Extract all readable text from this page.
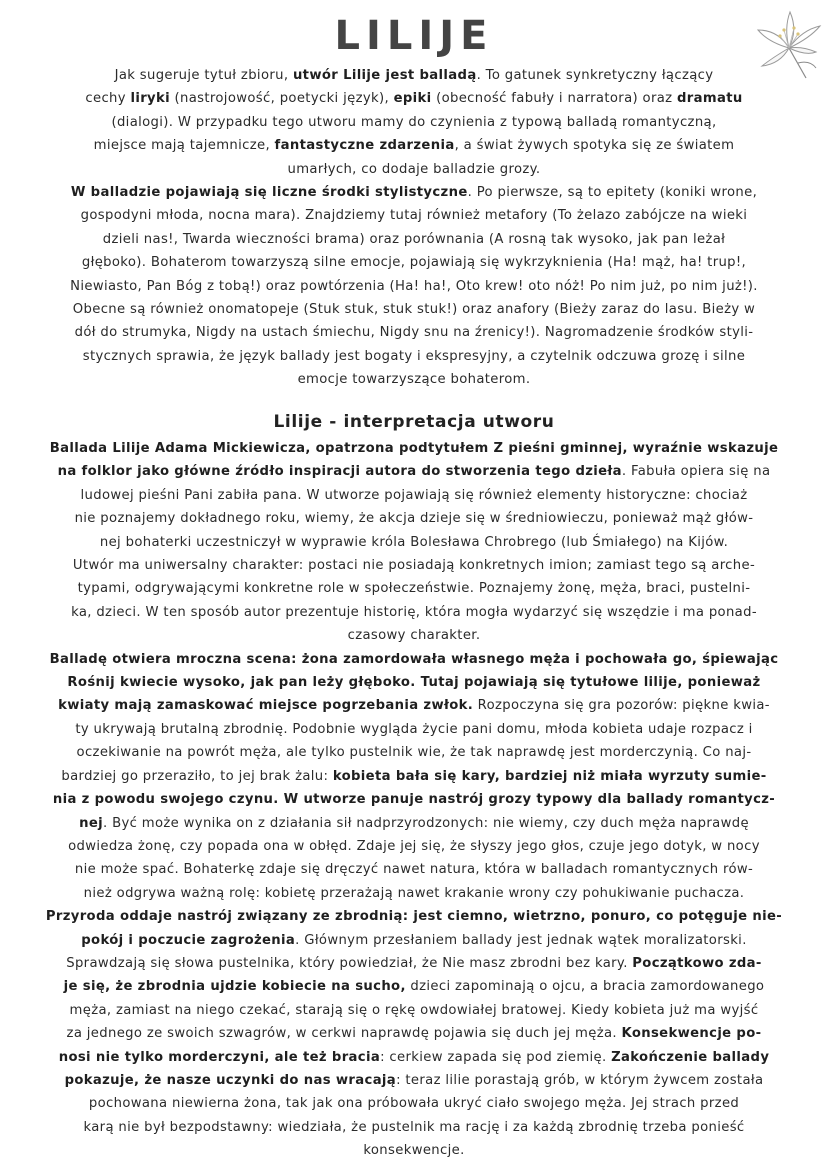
LILIJE
Jak sugeruje tytuł zbioru, utwór Lilije jest balladą. To gatunek synkretyczny łączący
cechy liryki (nastrojowość, poetycki język), epiki (obecność fabuły i narratora) oraz dramatu
(dialogi). W przypadku tego utworu mamy do czynienia z typową balladą romantyczną,
miejsce mają tajemnicze, fantastyczne zdarzenia, a świat żywych spotyka się ze światem
umarłych, co dodaje balladzie grozy.
W balladzie pojawiają się liczne środki stylistyczne. Po pierwsze, są to epitety (koniki wrone,
gospodyni młoda, nocna mara). Znajdziemy tutaj również metafory (To żelazo zabójcze na wieki
dzieli nas!, Twarda wieczności brama) oraz porównania (A rosną tak wysoko, jak pan leżał
głęboko). Bohaterom towarzyszą silne emocje, pojawiają się wykrzyknienia (Ha! mąż, ha! trup!,
Niewiasto, Pan Bóg z tobą!) oraz powtórzenia (Ha! ha!, Oto krew! oto nóż! Po nim już, po nim już!).
Obecne są również onomatopeje (Stuk stuk, stuk stuk!) oraz anafory (Bieży zaraz do lasu. Bieży w
dół do strumyka, Nigdy na ustach śmiechu, Nigdy snu na źrenicy!). Nagromadzenie środków styli-
stycznych sprawia, że język ballady jest bogaty i ekspresyjny, a czytelnik odczuwa grozę i silne
emocje towarzyszące bohaterom.
Lilije - interpretacja utworu
Ballada Lilije Adama Mickiewicza, opatrzona podtytułem Z pieśni gminnej, wyraźnie wskazuje
na folklor jako główne źródło inspiracji autora do stworzenia tego dzieła. Fabuła opiera się na
ludowej pieśni Pani zabiła pana. W utworze pojawiają się również elementy historyczne: chociaż
nie poznajemy dokładnego roku, wiemy, że akcja dzieje się w średniowieczu, ponieważ mąż głów-
nej bohaterki uczestniczył w wyprawie króla Bolesława Chrobrego (lub Śmiałego) na Kijów.
Utwór ma uniwersalny charakter: postaci nie posiadają konkretnych imion; zamiast tego są arche-
typami, odgrywającymi konkretne role w społeczeństwie. Poznajemy żonę, męża, braci, pustelni-
ka, dzieci. W ten sposób autor prezentuje historię, która mogła wydarzyć się wszędzie i ma ponad-
czasowy charakter.
Balladę otwiera mroczna scena: żona zamordowała własnego męża i pochowała go, śpiewając
Rośnij kwiecie wysoko, jak pan leży głęboko. Tutaj pojawiają się tytułowe lilije, ponieważ
kwiaty mają zamaskować miejsce pogrzebania zwłok. Rozpoczyna się gra pozorów: piękne kwia-
ty ukrywają brutalną zbrodnię. Podobnie wygląda życie pani domu, młoda kobieta udaje rozpacz i
oczekiwanie na powrót męża, ale tylko pustelnik wie, że tak naprawdę jest morderczynią. Co naj-
bardziej go przeraziło, to jej brak żalu: kobieta bała się kary, bardziej niż miała wyrzuty sumie-
nia z powodu swojego czynu. W utworze panuje nastrój grozy typowy dla ballady romantycz-
nej. Być może wynika on z działania sił nadprzyrodzonych: nie wiemy, czy duch męża naprawdę
odwiedza żonę, czy popada ona w obłęd. Zdaje jej się, że słyszy jego głos, czuje jego dotyk, w nocy
nie może spać. Bohaterkę zdaje się dręczyć nawet natura, która w balladach romantycznych rów-
nież odgrywa ważną rolę: kobietę przerażają nawet krakanie wrony czy pohukiwanie puchacza.
Przyroda oddaje nastrój związany ze zbrodnią: jest ciemno, wietrzno, ponuro, co potęguje nie-
pokój i poczucie zagrożenia. Głównym przesłaniem ballady jest jednak wątek moralizatorski.
Sprawdzają się słowa pustelnika, który powiedział, że Nie masz zbrodni bez kary. Początkowo zda-
je się, że zbrodnia ujdzie kobiecie na sucho, dzieci zapominają o ojcu, a bracia zamordowanego
męża, zamiast na niego czekać, starają się o rękę owdowiałej bratowej. Kiedy kobieta już ma wyjść
za jednego ze swoich szwagrów, w cerkwi naprawdę pojawia się duch jej męża. Konsekwencje po-
nosi nie tylko morderczyni, ale też bracia: cerkiew zapada się pod ziemię. Zakończenie ballady
pokazuje, że nasze uczynki do nas wracają: teraz lilie porastają grób, w którym żywcem została
pochowana niewierna żona, tak jak ona próbowała ukryć ciało swojego męża. Jej strach przed
karą nie był bezpodstawny: wiedziała, że pustelnik ma rację i za każdą zbrodnię trzeba ponieść
konsekwencje.
